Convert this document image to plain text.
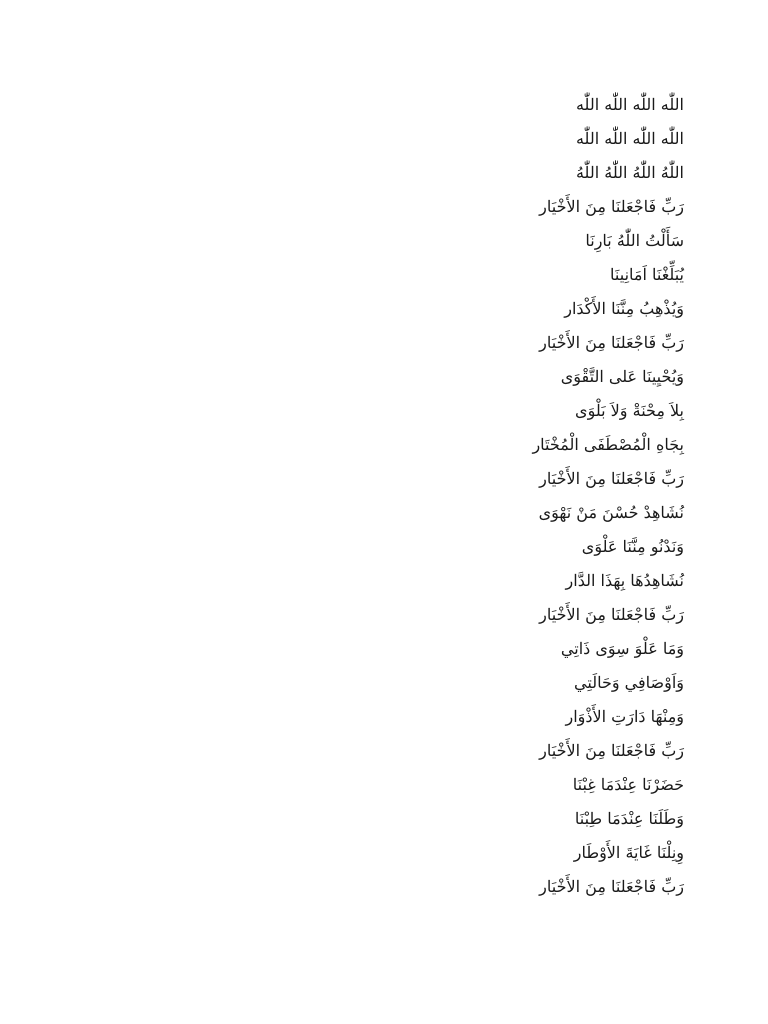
اللّٰه اللّٰه اللّٰه اللّٰه
اللّٰه اللّٰه اللّٰه اللّٰه
اللّٰهُ اللّٰهُ اللّٰهُ اللّٰهُ
رَبِّ فَاجْعَلنَا مِنَ الأَخْيَار
سَأَلْتُ اللّٰهُ بَارِنَا
يُبَلِّغْنَا اَمَانِينَا
وَيُذْهِبُ مِنَّنَا الأَكْدَار
رَبِّ فَاجْعَلنَا مِنَ الأَخْيَار
وَيُحْيِينَا عَلى التَّقْوَى
بِلاَ مِحْنَةْ وَلاَ بَلْوَى
بِجَاهِ الْمُصْطَفَى الْمُخْتَار
رَبِّ فَاجْعَلنَا مِنَ الأَخْيَار
نُشَاهِدْ حُسْنَ مَنْ نَهْوَى
وَنَدْنُو مِنَّنَا عَلْوَى
نُشَاهِدُهَا بِهَذَا الدَّار
رَبِّ فَاجْعَلنَا مِنَ الأَخْيَار
وَمَا عَلْوَ سِوَى ذَاتِي
وَاَوْصَافِي وَحَالَتِي
وَمِنْهَا دَارَتِ الأَذْوَار
رَبِّ فَاجْعَلنَا مِنَ الأَخْيَار
حَضَرْنَا عِنْدَمَا غِبْنَا
وَطَلَنَا عِنْدَمَا طِبْنَا
وِنِلْنَا غَايَةَ الأَوْطَار
رَبِّ فَاجْعَلنَا مِنَ الأَخْيَار
